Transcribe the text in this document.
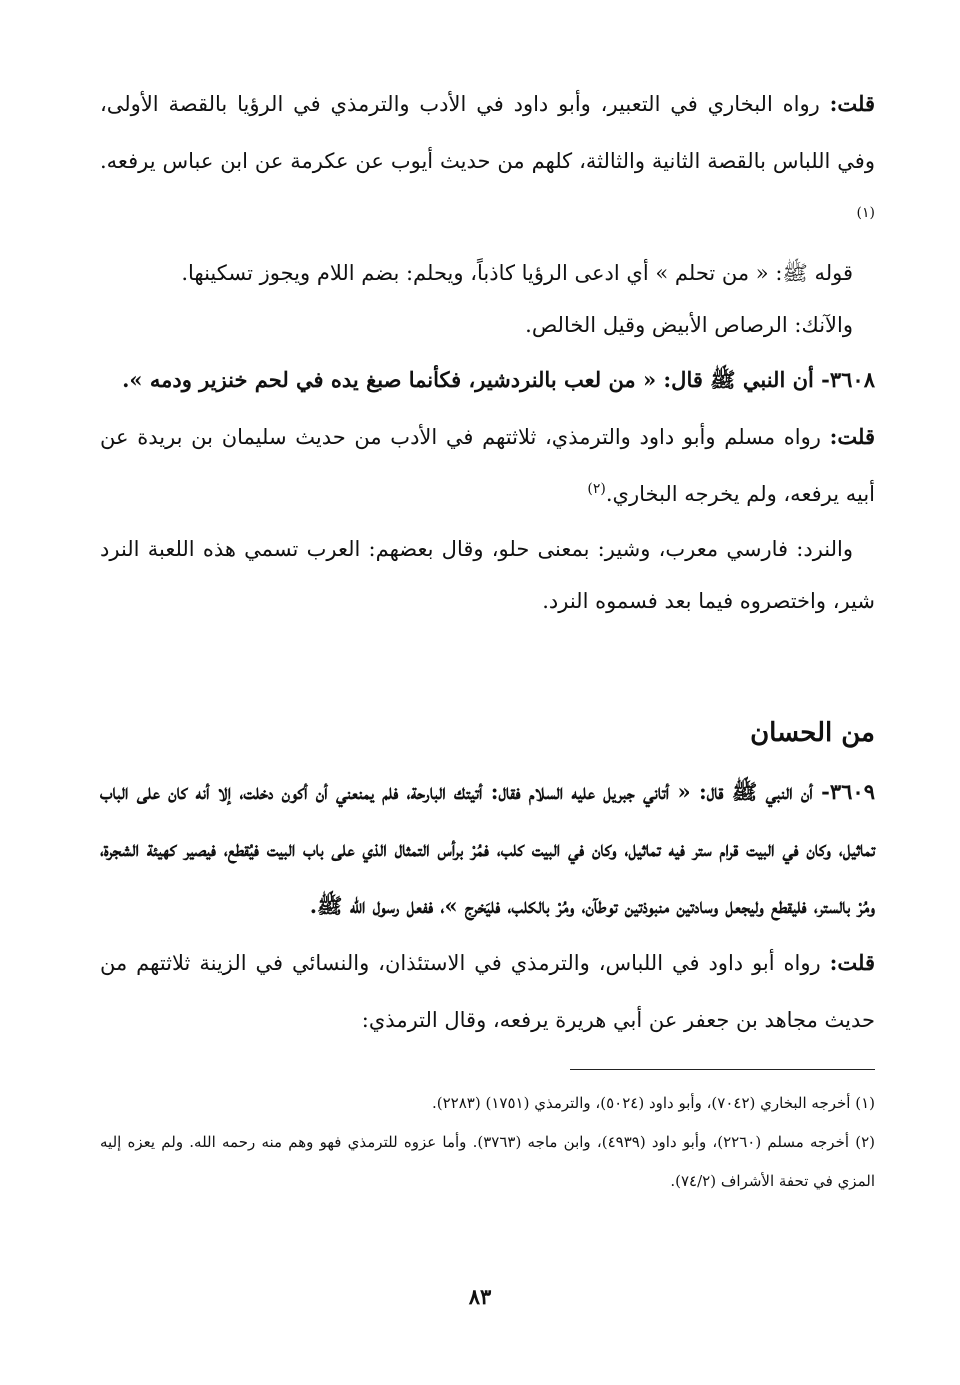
قلت: رواه البخاري في التعبير، وأبو داود في الأدب والترمذي في الرؤيا بالقصة الأولى، وفي اللباس بالقصة الثانية والثالثة، كلهم من حديث أيوب عن عكرمة عن ابن عباس يرفعه.$^{(١)}$

قوله ﷺ: « من تحلم » أي ادعى الرؤيا كاذباً، ويحلم: بضم اللام ويجوز تسكينها.

والآنك: الرصاص الأبيض وقيل الخالص.

٣٦٠٨- أن النبي ﷺ قال: « من لعب بالنردشير، فكأنما صبغ يده في لحم خنزير ودمه ».

قلت: رواه مسلم وأبو داود والترمذي، ثلاثتهم في الأدب من حديث سليمان بن بريدة عن أبيه يرفعه، ولم يخرجه البخاري.$^{(٢)}$

والنرد: فارسي معرب، وشير: بمعنى حلو، وقال بعضهم: العرب تسمي هذه اللعبة النرد شير، واختصروه فيما بعد فسموه النرد.

من الحسان

٣٦٠٩- أن النبي ﷺ قال: « أتاني جبريل عليه السلام فقال: أتيتك البارحة، فلم يمنعني أن أكون دخلت، إلا أنه كان على الباب تماثيل، وكان في البيت قرام ستر فيه تماثيل، وكان في البيت كلب، فمُرْ برأس التمثال الذي على باب البيت فيُقطع، فيصير كهيئة الشجرة، ومُرْ بالستر، فليقطع وليجعل وسادتين منبوذتين توطآن، ومُرْ بالكلب، فليَخرج »، ففعل رسول الله ﷺ.

قلت: رواه أبو داود في اللباس، والترمذي في الاستئذان، والنسائي في الزينة ثلاثتهم من حديث مجاهد بن جعفر عن أبي هريرة يرفعه، وقال الترمذي:

(١) أخرجه البخاري (٧٠٤٢)، وأبو داود (٥٠٢٤)، والترمذي (١٧٥١) (٢٢٨٣).

(٢) أخرجه مسلم (٢٢٦٠)، وأبو داود (٤٩٣٩)، وابن ماجه (٣٧٦٣). وأما عزوه للترمذي فهو وهم منه رحمه الله. ولم يعزه إليه المزي في تحفة الأشراف (٧٤/٢).

٨٣
